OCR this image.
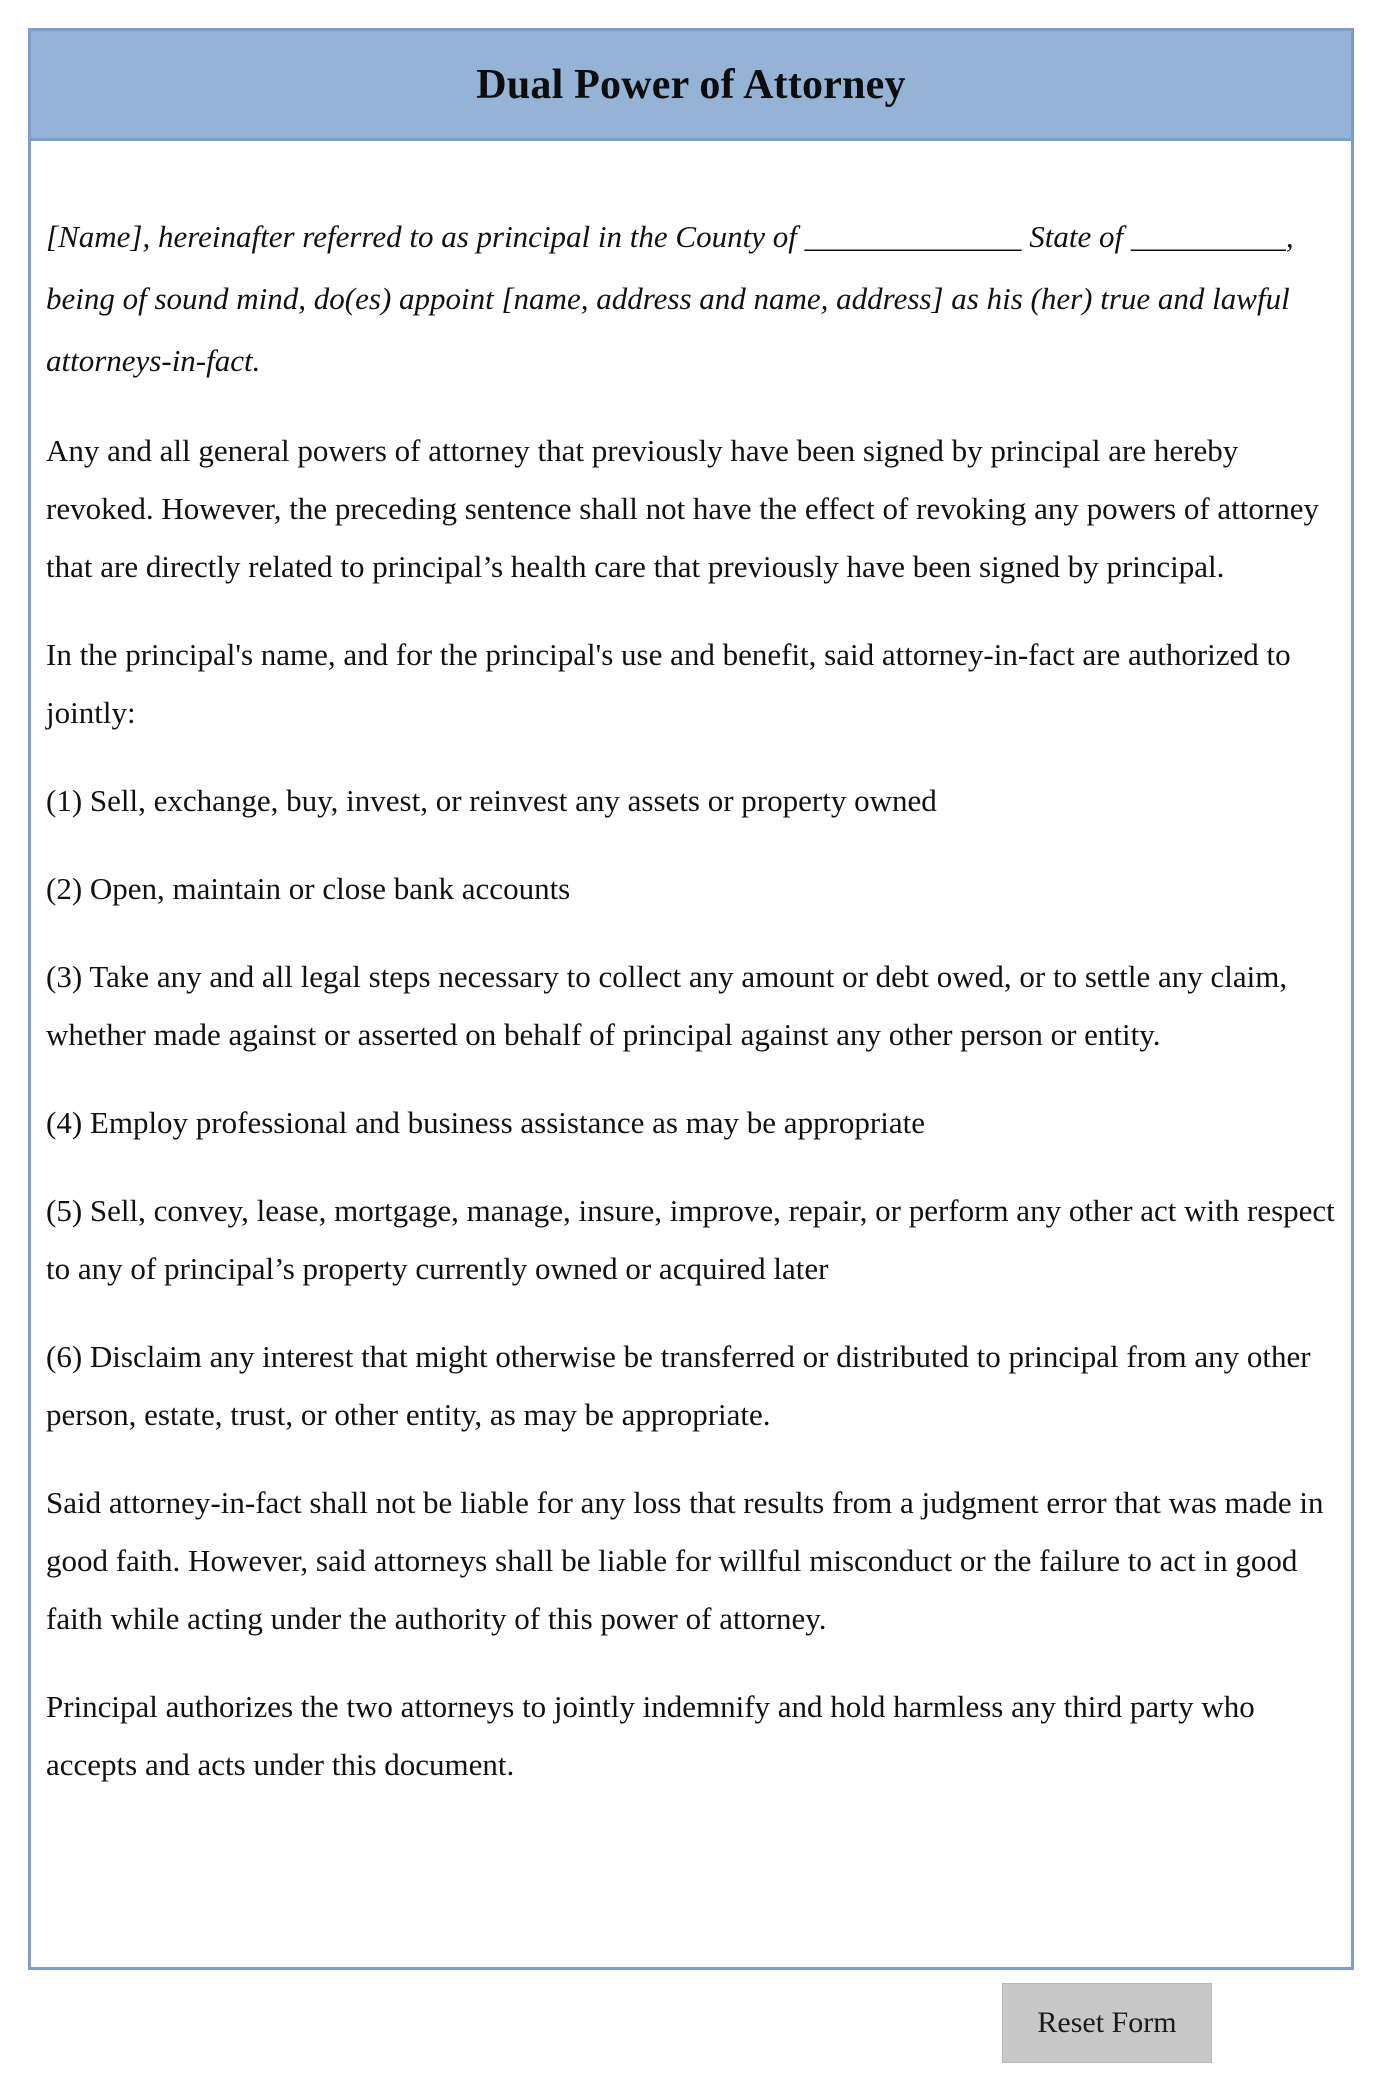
Dual Power of Attorney

[Name], hereinafter referred to as principal in the County of ______________ State of __________, being of sound mind, do(es) appoint [name, address and name, address] as his (her) true and lawful attorneys-in-fact.

Any and all general powers of attorney that previously have been signed by principal are hereby revoked. However, the preceding sentence shall not have the effect of revoking any powers of attorney that are directly related to principal’s health care that previously have been signed by principal.

In the principal's name, and for the principal's use and benefit, said attorney-in-fact are authorized to jointly:

(1) Sell, exchange, buy, invest, or reinvest any assets or property owned

(2) Open, maintain or close bank accounts

(3) Take any and all legal steps necessary to collect any amount or debt owed, or to settle any claim, whether made against or asserted on behalf of principal against any other person or entity.

(4) Employ professional and business assistance as may be appropriate

(5) Sell, convey, lease, mortgage, manage, insure, improve, repair, or perform any other act with respect to any of principal’s property currently owned or acquired later

(6) Disclaim any interest that might otherwise be transferred or distributed to principal from any other person, estate, trust, or other entity, as may be appropriate.

Said attorney-in-fact shall not be liable for any loss that results from a judgment error that was made in good faith. However, said attorneys shall be liable for willful misconduct or the failure to act in good faith while acting under the authority of this power of attorney.

Principal authorizes the two attorneys to jointly indemnify and hold harmless any third party who accepts and acts under this document.

Reset Form
